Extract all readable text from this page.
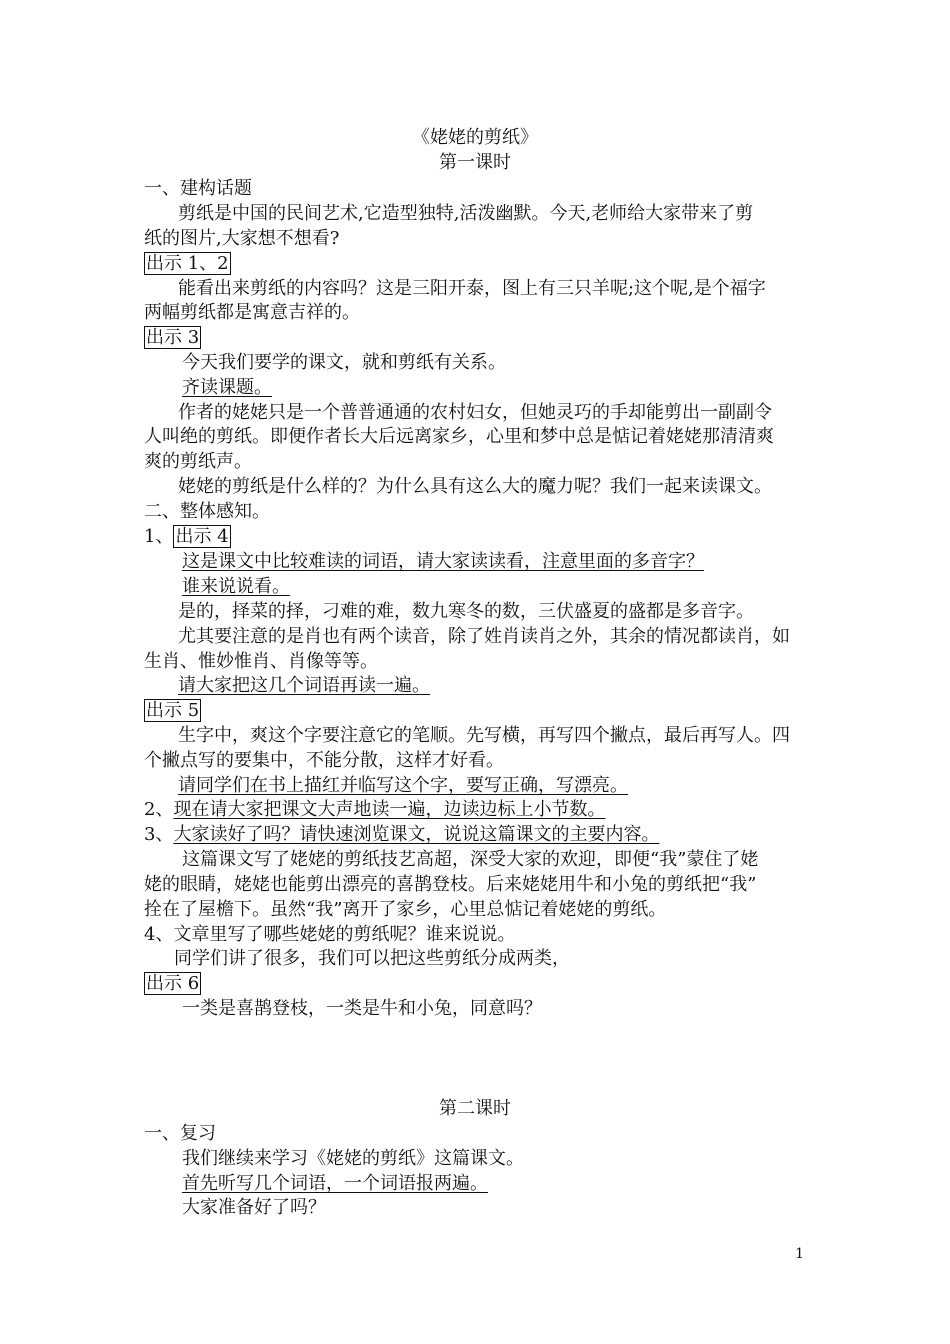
《姥姥的剪纸》
第一课时
一、建构话题
剪纸是中国的民间艺术,它造型独特,活泼幽默。今天,老师给大家带来了剪
纸的图片,大家想不想看?
出示 1、2
能看出来剪纸的内容吗？这是三阳开泰，图上有三只羊呢;这个呢,是个福字
两幅剪纸都是寓意吉祥的。
出示 3
今天我们要学的课文，就和剪纸有关系。
齐读课题。
作者的姥姥只是一个普普通通的农村妇女，但她灵巧的手却能剪出一副副令
人叫绝的剪纸。即便作者长大后远离家乡，心里和梦中总是惦记着姥姥那清清爽
爽的剪纸声。
姥姥的剪纸是什么样的？为什么具有这么大的魔力呢？我们一起来读课文。
二、整体感知。
1、 出示 4
这是课文中比较难读的词语，请大家读读看，注意里面的多音字？
谁来说说看。
是的，择菜的择，刁难的难，数九寒冬的数，三伏盛夏的盛都是多音字。
尤其要注意的是肖也有两个读音，除了姓肖读肖之外，其余的情况都读肖，如
生肖、惟妙惟肖、肖像等等。
请大家把这几个词语再读一遍。
出示 5
生字中，爽这个字要注意它的笔顺。先写横，再写四个撇点，最后再写人。四
个撇点写的要集中，不能分散，这样才好看。
请同学们在书上描红并临写这个字，要写正确，写漂亮。
2、现在请大家把课文大声地读一遍，边读边标上小节数。
3、大家读好了吗？请快速浏览课文，说说这篇课文的主要内容。
这篇课文写了姥姥的剪纸技艺高超，深受大家的欢迎，即便“我”蒙住了姥
姥的眼睛，姥姥也能剪出漂亮的喜鹊登枝。后来姥姥用牛和小兔的剪纸把“我”
拴在了屋檐下。虽然“我”离开了家乡，心里总惦记着姥姥的剪纸。
4、文章里写了哪些姥姥的剪纸呢？谁来说说。
同学们讲了很多，我们可以把这些剪纸分成两类，
出示 6
一类是喜鹊登枝，一类是牛和小兔，同意吗？
第二课时
一、复习
我们继续来学习《姥姥的剪纸》这篇课文。
首先听写几个词语，一个词语报两遍。
大家准备好了吗？
1
